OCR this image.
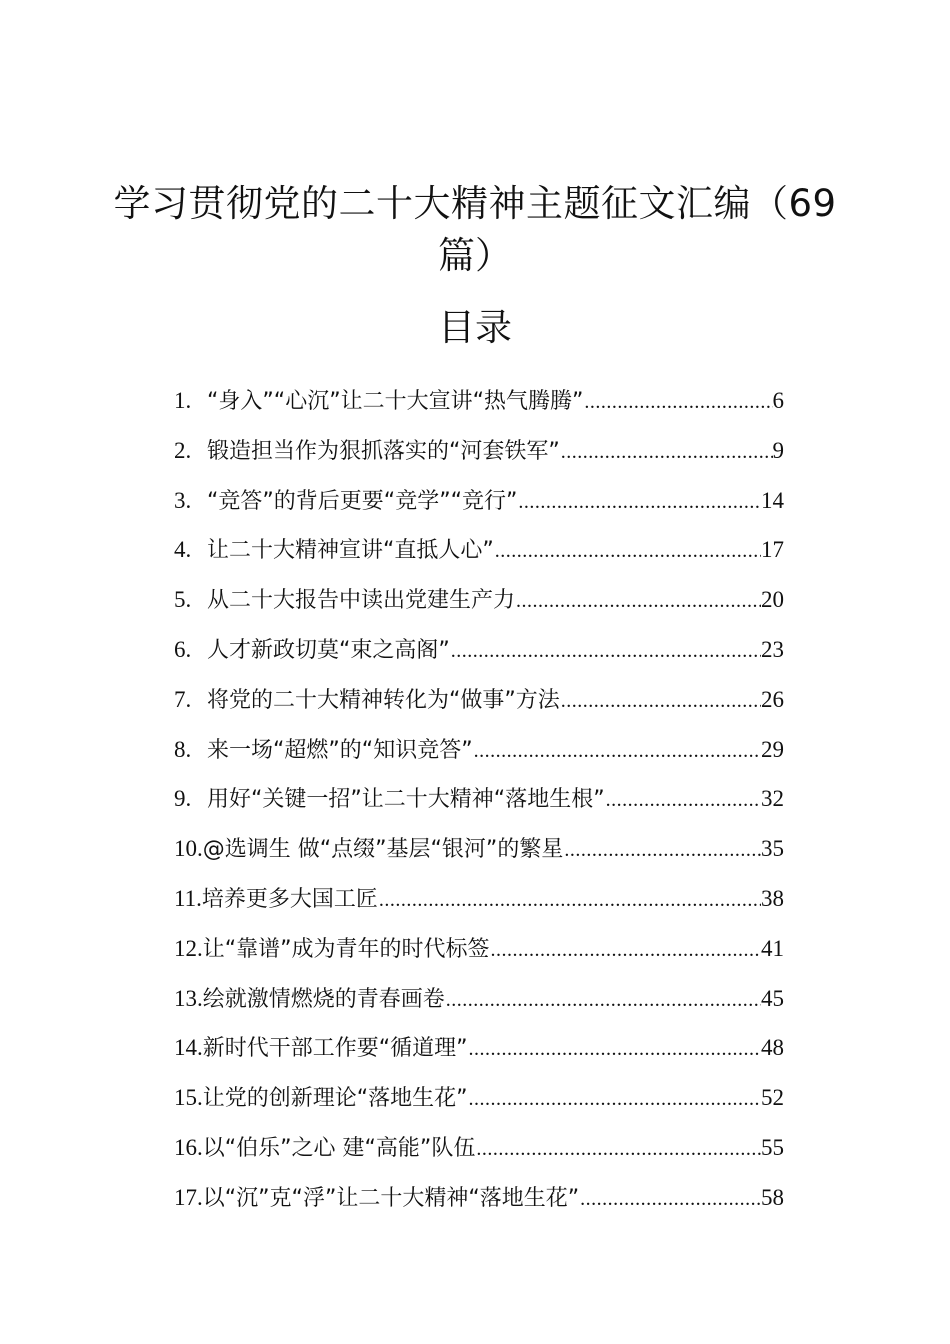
学习贯彻党的二十大精神主题征文汇编（69
篇）
目录
1. “身入”“心沉”让二十大宣讲“热气腾腾” .....	6
2. 锻造担当作为狠抓落实的“河套铁军” .....	9
3. “竞答”的背后更要“竞学”“竞行” .....	14
4. 让二十大精神宣讲“直抵人心” .....	17
5. 从二十大报告中读出党建生产力 .....	20
6. 人才新政切莫“束之高阁” .....	23
7. 将党的二十大精神转化为“做事”方法 .....	26
8. 来一场“超燃”的“知识竞答” .....	29
9. 用好“关键一招”让二十大精神“落地生根” .....	32
10. @选调生 做“点缀”基层“银河”的繁星 .....	35
11. 培养更多大国工匠 .....	38
12. 让“靠谱”成为青年的时代标签 .....	41
13. 绘就激情燃烧的青春画卷 .....	45
14. 新时代干部工作要“循道理” .....	48
15. 让党的创新理论“落地生花” .....	52
16. 以“伯乐”之心 建“高能”队伍 .....	55
17. 以“沉”克“浮”让二十大精神“落地生花” .....	58
